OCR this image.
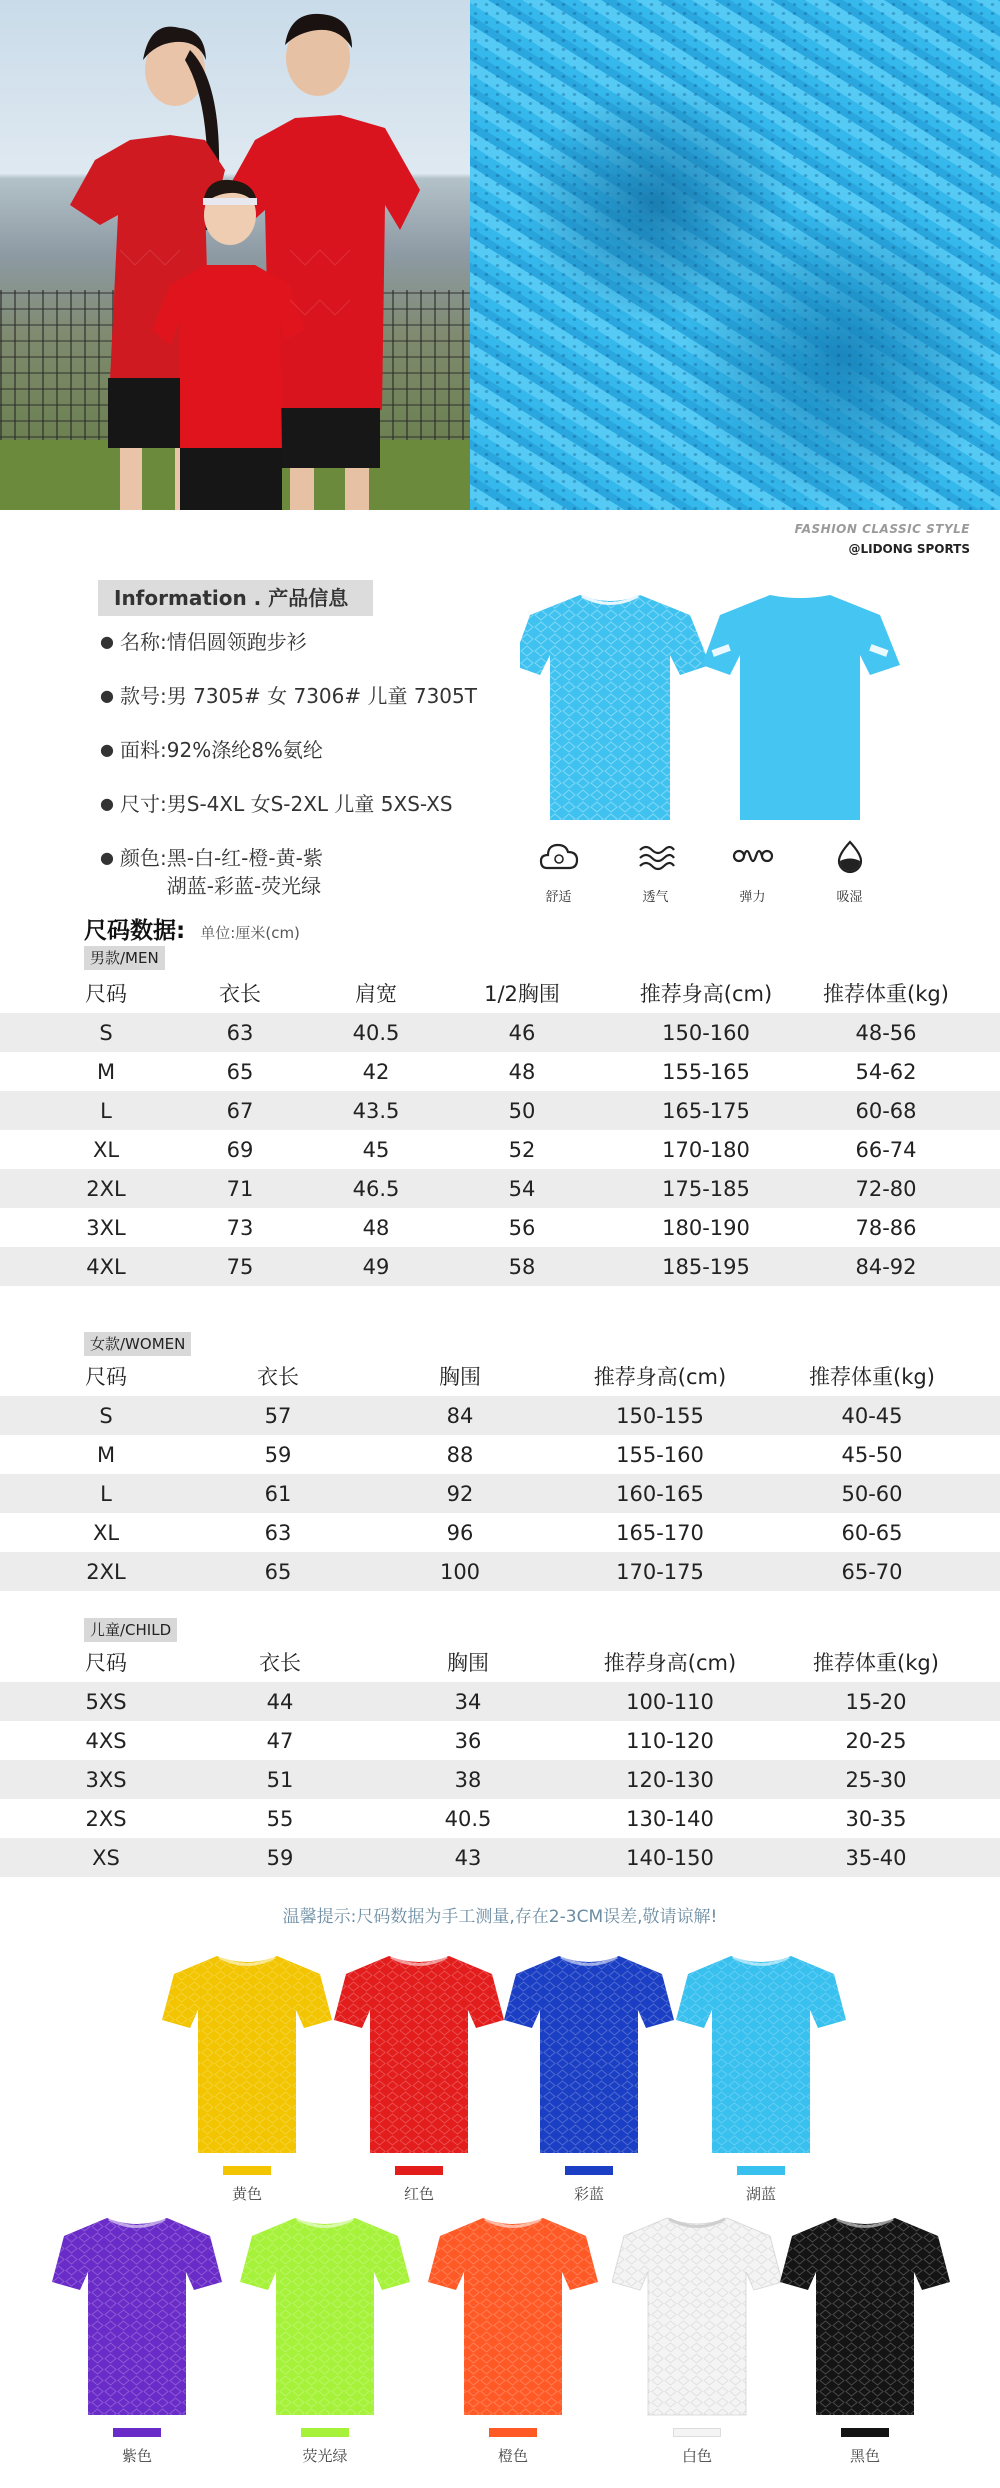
FASHION CLASSIC STYLE
@LIDONG SPORTS
Information . 产品信息
● 名称: 情侣圆领跑步衫
● 款号: 男 7305# 女 7306# 儿童 7305T
● 面料: 92%涤纶8%氨纶
● 尺寸: 男S-4XL 女S-2XL 儿童 5XS-XS
● 颜色: 黑-白-红-橙-黄-紫
湖蓝-彩蓝-荧光绿	舒适	透气	弹力	吸湿
尺码数据: 单位:厘米(cm)
男款/MEN
尺码	衣长	肩宽	1/2胸围	推荐身高(cm)	推荐体重(kg)
S	63	40.5	46	150-160	48-56
M	65	42	48	155-165	54-62
L	67	43.5	50	165-175	60-68
XL	69	45	52	170-180	66-74
2XL	71	46.5	54	175-185	72-80
3XL	73	48	56	180-190	78-86
4XL	75	49	58	185-195	84-92
女款/WOMEN
尺码	衣长	胸围	推荐身高(cm)	推荐体重(kg)
S	57	84	150-155	40-45
M	59	88	155-160	45-50
L	61	92	160-165	50-60
XL	63	96	165-170	60-65
2XL	65	100	170-175	65-70
儿童/CHILD
尺码	衣长	胸围	推荐身高(cm)	推荐体重(kg)
5XS	44	34	100-110	15-20
4XS	47	36	110-120	20-25
3XS	51	38	120-130	25-30
2XS	55	40.5	130-140	30-35
XS	59	43	140-150	35-40
温馨提示:尺码数据为手工测量,存在2-3CM误差,敬请谅解!
黄色	红色	彩蓝	湖蓝
紫色	荧光绿	橙色	白色	黑色
